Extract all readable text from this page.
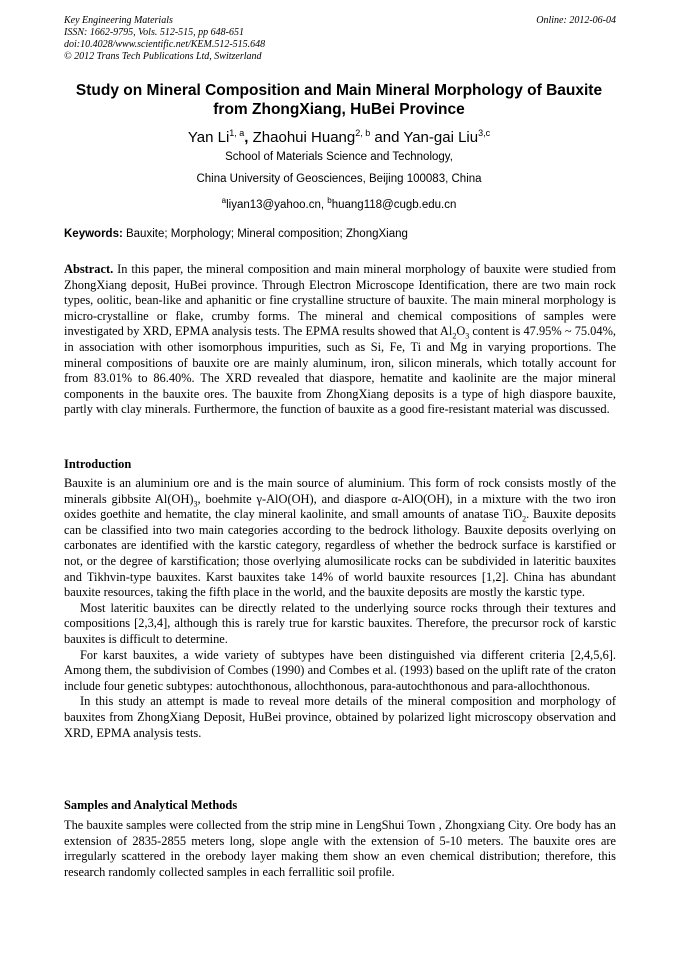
Key Engineering Materials
ISSN: 1662-9795, Vols. 512-515, pp 648-651
doi:10.4028/www.scientific.net/KEM.512-515.648
© 2012 Trans Tech Publications Ltd, Switzerland
Online: 2012-06-04
Study on Mineral Composition and Main Mineral Morphology of Bauxite
from ZhongXiang, HuBei Province
Yan Li$^{1, a}$, Zhaohui Huang$^{2, b}$ and Yan-gai Liu$^{3,c}$
School of Materials Science and Technology,
China University of Geosciences, Beijing 100083, China
$^a$liyan13@yahoo.cn, $^b$huang118@cugb.edu.cn
Keywords: Bauxite; Morphology; Mineral composition; ZhongXiang
Abstract. In this paper, the mineral composition and main mineral morphology of bauxite were studied from ZhongXiang deposit, HuBei province. Through Electron Microscope Identification, there are two main rock types, oolitic, bean-like and aphanitic or fine crystalline structure of bauxite. The main mineral morphology is micro-crystalline or flake, crumby forms. The mineral and chemical compositions of samples were investigated by XRD, EPMA analysis tests. The EPMA results showed that $Al_2O_3$ content is 47.95% ~ 75.04%, in association with other isomorphous impurities, such as Si, Fe, Ti and Mg in varying proportions. The mineral compositions of bauxite ore are mainly aluminum, iron, silicon minerals, which totally account for from 83.01% to 86.40%. The XRD revealed that diaspore, hematite and kaolinite are the major mineral components in the bauxite ores. The bauxite from ZhongXiang deposits is a type of high diaspore bauxite, partly with clay minerals. Furthermore, the function of bauxite as a good fire-resistant material was discussed.
Introduction
Bauxite is an aluminium ore and is the main source of aluminium. This form of rock consists mostly of the minerals gibbsite $Al(OH)_3$, boehmite γ-AlO(OH), and diaspore α-AlO(OH), in a mixture with the two iron oxides goethite and hematite, the clay mineral kaolinite, and small amounts of anatase TiO$_2$. Bauxite deposits can be classified into two main categories according to the bedrock lithology. Bauxite deposits overlying on carbonates are identified with the karstic category, regardless of whether the bedrock surface is karstified or not, or the degree of karstification; those overlying alumosilicate rocks can be subdivided in lateritic bauxites and Tikhvin-type bauxites. Karst bauxites take 14% of world bauxite resources [1,2]. China has abundant bauxite resources, taking the fifth place in the world, and the bauxite deposits are mostly the karstic type.
Most lateritic bauxites can be directly related to the underlying source rocks through their textures and compositions [2,3,4], although this is rarely true for karstic bauxites. Therefore, the precursor rock of karstic bauxites is difficult to determine.
For karst bauxites, a wide variety of subtypes have been distinguished via different criteria [2,4,5,6]. Among them, the subdivision of Combes (1990) and Combes et al. (1993) based on the uplift rate of the craton include four genetic subtypes: autochthonous, allochthonous, para-autochthonous and para-allochthonous.
In this study an attempt is made to reveal more details of the mineral composition and morphology of bauxites from ZhongXiang Deposit, HuBei province, obtained by polarized light microscopy observation and XRD, EPMA analysis tests.
Samples and Analytical Methods
The bauxite samples were collected from the strip mine in LengShui Town , Zhongxiang City. Ore body has an extension of 2835-2855 meters long, slope angle with the extension of 5-10 meters. The bauxite ores are irregularly scattered in the orebody layer making them show an even chemical distribution; therefore, this research randomly collected samples in each ferrallitic soil profile.
